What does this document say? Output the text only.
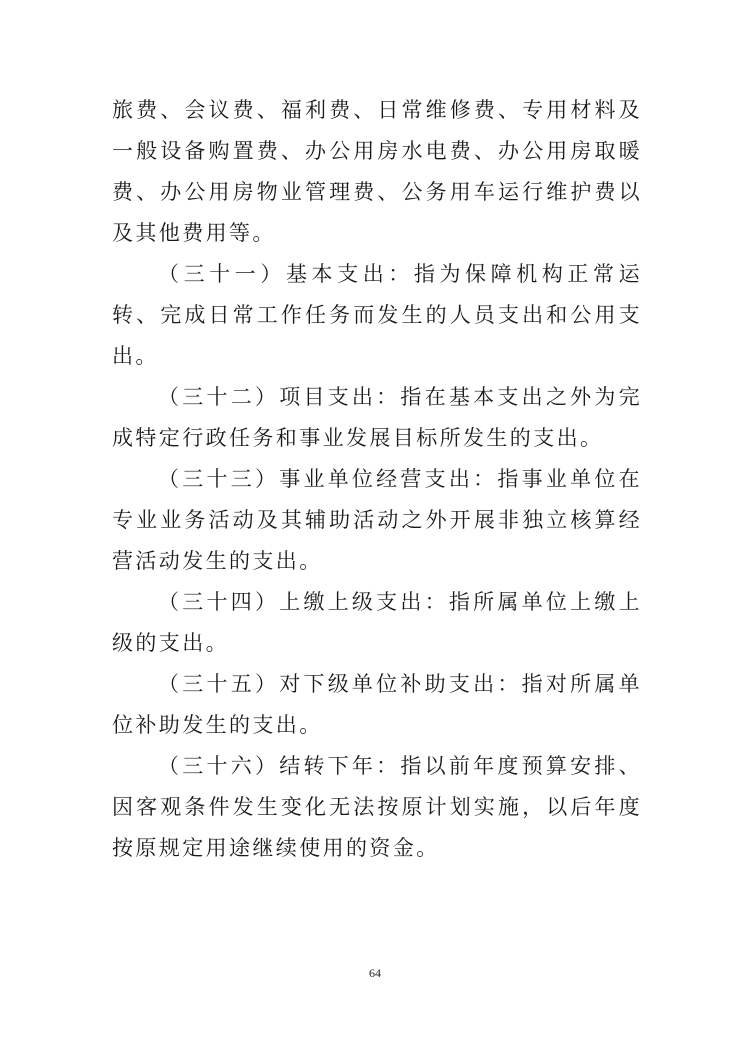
旅费、会议费、福利费、日常维修费、专用材料及一般设备购置费、办公用房水电费、办公用房取暖费、办公用房物业管理费、公务用车运行维护费以及其他费用等。

（三十一）基本支出：指为保障机构正常运转、完成日常工作任务而发生的人员支出和公用支出。

（三十二）项目支出：指在基本支出之外为完成特定行政任务和事业发展目标所发生的支出。

（三十三）事业单位经营支出：指事业单位在专业业务活动及其辅助活动之外开展非独立核算经营活动发生的支出。

（三十四）上缴上级支出：指所属单位上缴上级的支出。

（三十五）对下级单位补助支出：指对所属单位补助发生的支出。

（三十六）结转下年：指以前年度预算安排、因客观条件发生变化无法按原计划实施，以后年度按原规定用途继续使用的资金。

64
